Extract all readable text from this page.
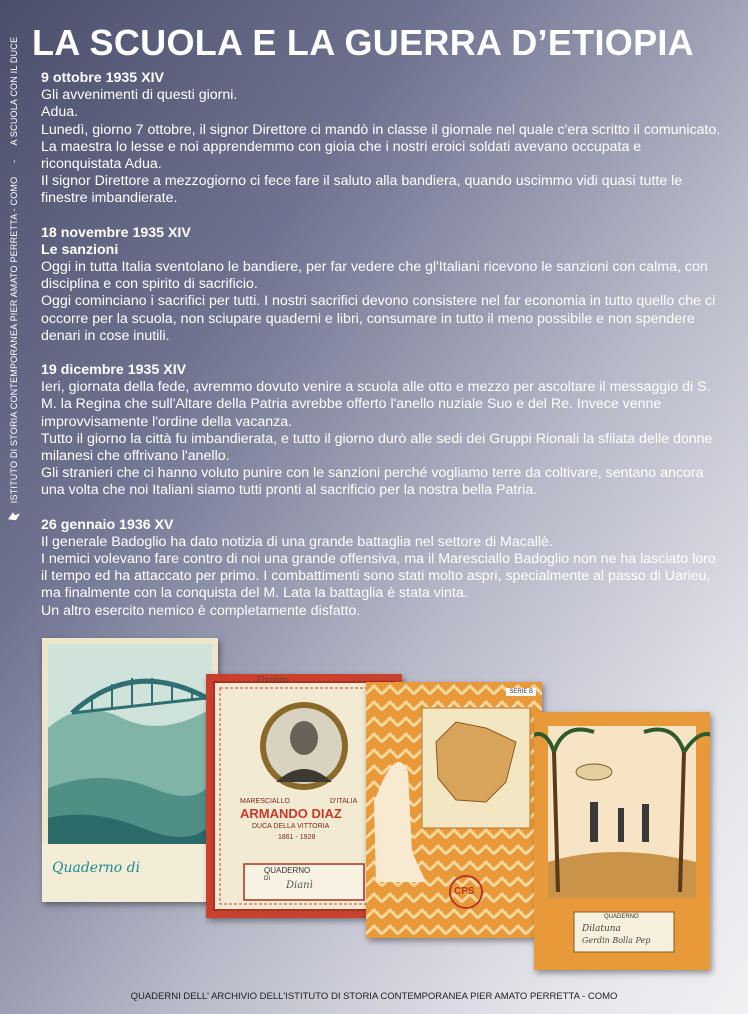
ISTITUTO DI STORIA CONTEMPORANEA PIER AMATO PERRETTA - COMO
-
A SCUOLA CON IL DUCE LA SCUOLA E LA GUERRA D’ETIOPIA
9 ottobre 1935 XIV
Gli avvenimenti di questi giorni.
Adua.
Lunedì, giorno 7 ottobre, il signor Direttore ci mandò in classe il giornale nel quale c'era scritto il comunicato. La maestra lo lesse e noi apprendemmo con gioia che i nostri eroici soldati avevano occupata e riconquistata Adua.
Il signor Direttore a mezzogiorno ci fece fare il saluto alla bandiera, quando uscimmo vidi quasi tutte le finestre imbandierate.
18 novembre 1935 XIV
Le sanzioni
Oggi in tutta Italia sventolano le bandiere, per far vedere che gl'Italiani ricevono le sanzioni con calma, con disciplina e con spirito di sacrificio.
Oggi cominciano i sacrifici per tutti. I nostri sacrifici devono consistere nel far economia in tutto quello che ci occorre per la scuola, non sciupare quaderni e libri, consumare in tutto il meno possibile e non spendere denari in cose inutili.
19 dicembre 1935 XIV
Ieri, giornata della fede, avremmo dovuto venire a scuola alle otto e mezzo per ascoltare il messaggio di S. M. la Regina che sull'Altare della Patria avrebbe offerto l'anello nuziale Suo e del Re. Invece venne improvvisamente l'ordine della vacanza.
Tutto il giorno la città fu imbandierata, e tutto il giorno durò alle sedi dei Gruppi Rionali la sfilata delle donne milanesi che offrivano l'anello.
Gli stranieri che ci hanno voluto punire con le sanzioni perché vogliamo terre da coltivare, sentano ancora una volta che noi Italiani siamo tutti pronti al sacrificio per la nostra bella Patria.
26 gennaio 1936 XV
Il generale Badoglio ha dato notizia di una grande battaglia nel settore di Macallè.
I nemici volevano fare contro di noi una grande offensiva, ma il Maresciallo Badoglio non ne ha lasciato loro il tempo ed ha attaccato per primo. I combattimenti sono stati molto aspri, specialmente al passo di Uarieu, ma finalmente con la conquista del M. Lata la battaglia è stata vinta.
Un altro esercito nemico è completamente disfatto.
Quaderno di
Tiroido
MARESCIALLO	D'ITALIA
ARMANDO DIAZ
DUCA DELLA VITTORIA
1861 - 1928
QUADERNO
DI
Dianì
SERIE B
CPS
QUADERNO
Dilatuna
Gerdin Bolla Pep
QUADERNI DELL' ARCHIVIO DELL'ISTITUTO DI STORIA CONTEMPORANEA PIER AMATO PERRETTA - COMO
